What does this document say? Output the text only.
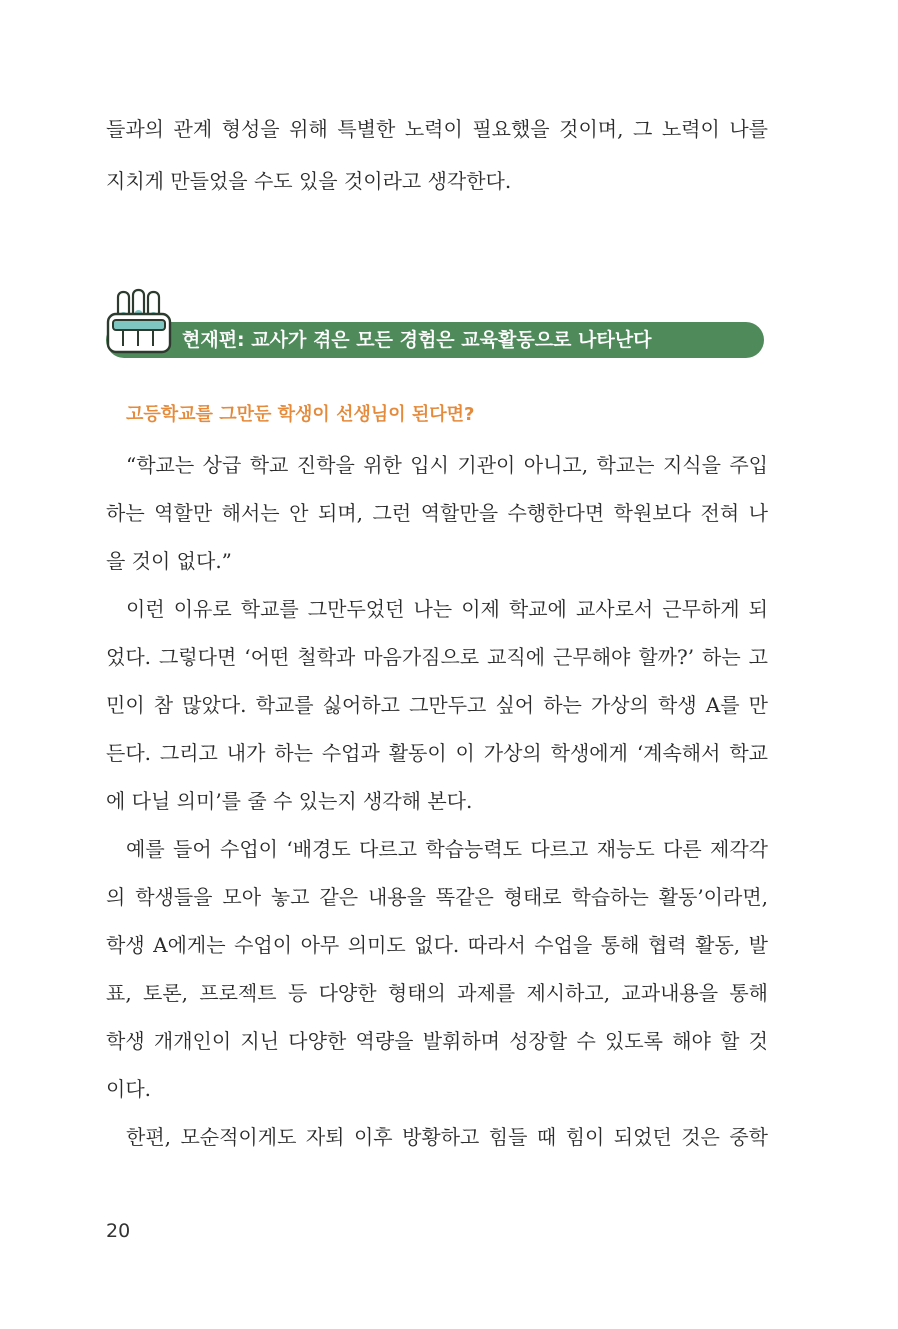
들과의 관계 형성을 위해 특별한 노력이 필요했을 것이며, 그 노력이 나를
지치게 만들었을 수도 있을 것이라고 생각한다.
현재편: 교사가 겪은 모든 경험은 교육활동으로 나타난다
고등학교를 그만둔 학생이 선생님이 된다면?
“학교는 상급 학교 진학을 위한 입시 기관이 아니고, 학교는 지식을 주입
하는 역할만 해서는 안 되며, 그런 역할만을 수행한다면 학원보다 전혀 나
을 것이 없다.”
이런 이유로 학교를 그만두었던 나는 이제 학교에 교사로서 근무하게 되
었다. 그렇다면 ‘어떤 철학과 마음가짐으로 교직에 근무해야 할까?’ 하는 고
민이 참 많았다. 학교를 싫어하고 그만두고 싶어 하는 가상의 학생 A를 만
든다. 그리고 내가 하는 수업과 활동이 이 가상의 학생에게 ‘계속해서 학교
에 다닐 의미’를 줄 수 있는지 생각해 본다.
예를 들어 수업이 ‘배경도 다르고 학습능력도 다르고 재능도 다른 제각각
의 학생들을 모아 놓고 같은 내용을 똑같은 형태로 학습하는 활동’이라면,
학생 A에게는 수업이 아무 의미도 없다. 따라서 수업을 통해 협력 활동, 발
표, 토론, 프로젝트 등 다양한 형태의 과제를 제시하고, 교과내용을 통해
학생 개개인이 지닌 다양한 역량을 발휘하며 성장할 수 있도록 해야 할 것
이다.
한편, 모순적이게도 자퇴 이후 방황하고 힘들 때 힘이 되었던 것은 중학
20
